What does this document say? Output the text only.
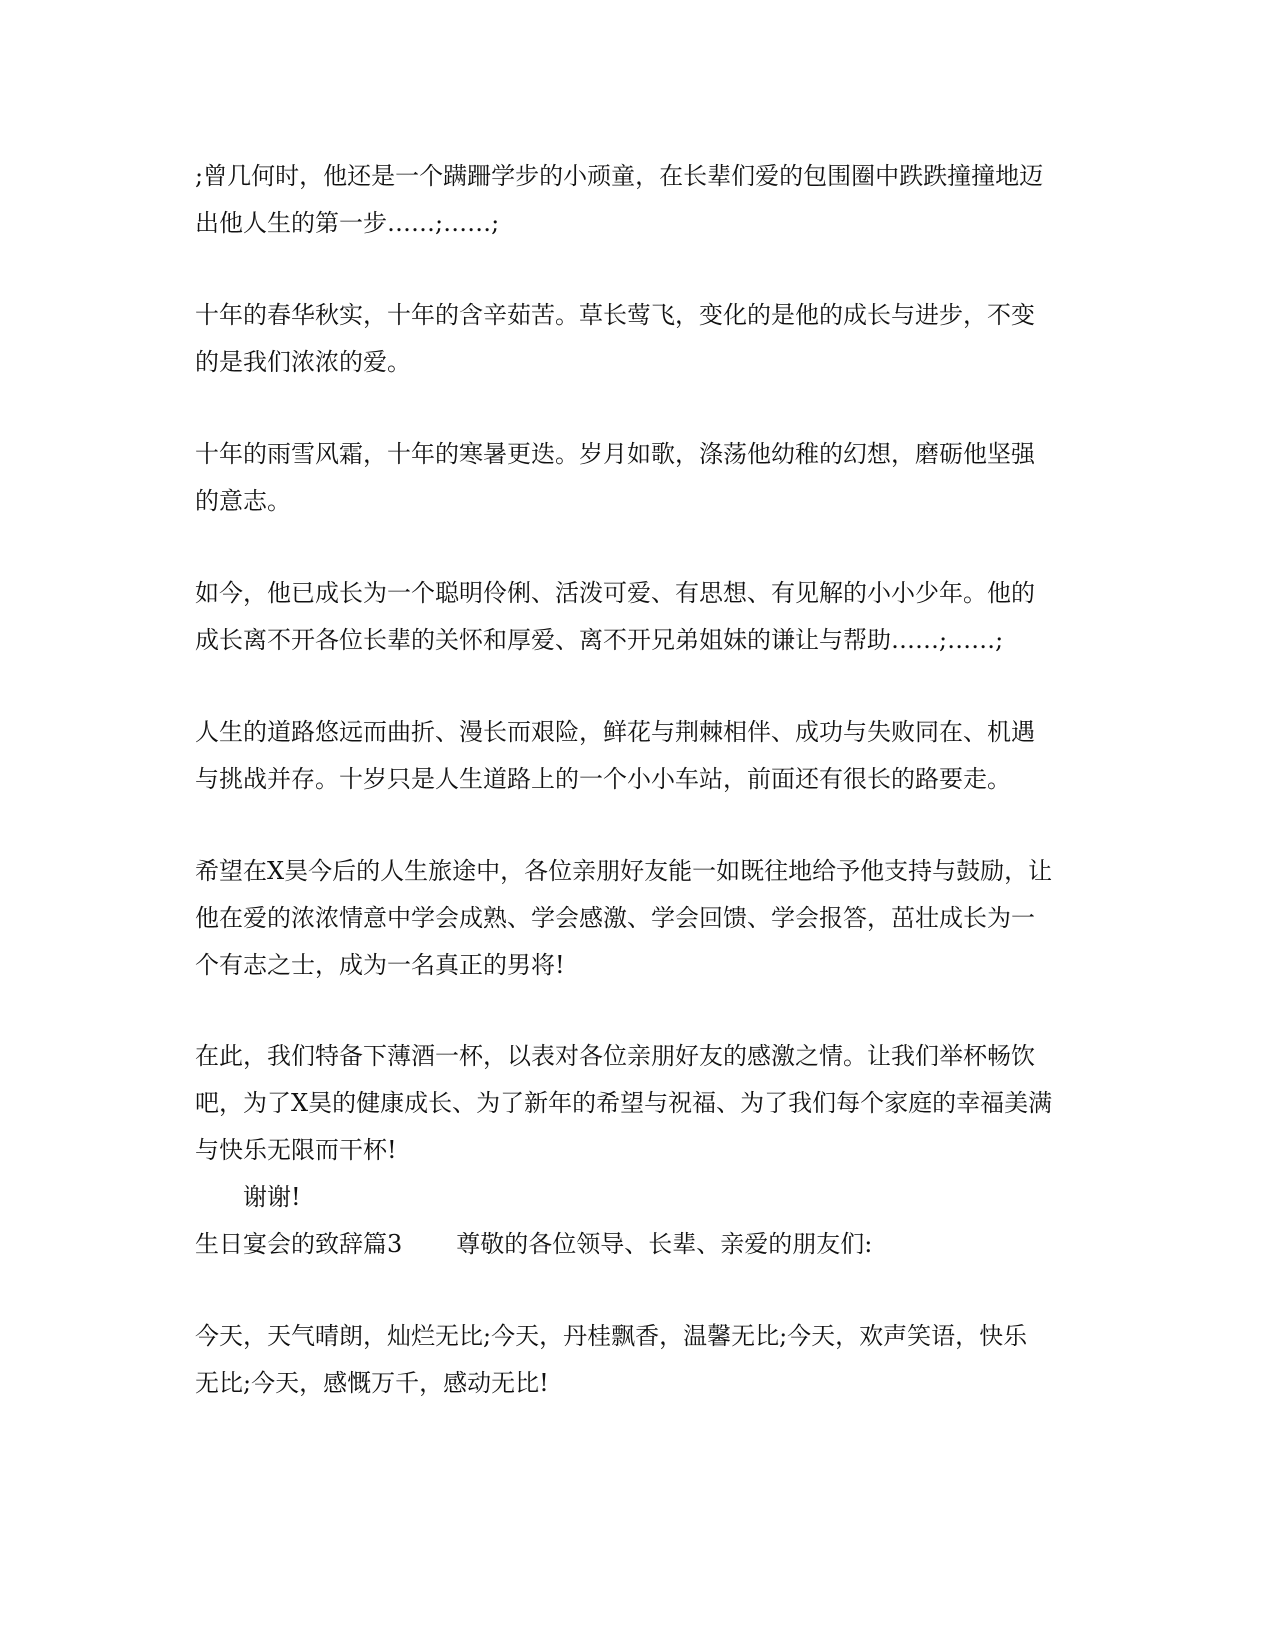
;曾几何时，他还是一个蹒跚学步的小顽童，在长辈们爱的包围圈中跌跌撞撞地迈
出他人生的第一步……;……;
十年的春华秋实，十年的含辛茹苦。草长莺飞，变化的是他的成长与进步，不变
的是我们浓浓的爱。
十年的雨雪风霜，十年的寒暑更迭。岁月如歌，涤荡他幼稚的幻想，磨砺他坚强
的意志。
如今，他已成长为一个聪明伶俐、活泼可爱、有思想、有见解的小小少年。他的
成长离不开各位长辈的关怀和厚爱、离不开兄弟姐妹的谦让与帮助……;……;
人生的道路悠远而曲折、漫长而艰险，鲜花与荆棘相伴、成功与失败同在、机遇
与挑战并存。十岁只是人生道路上的一个小小车站，前面还有很长的路要走。
希望在X昊今后的人生旅途中，各位亲朋好友能一如既往地给予他支持与鼓励，让
他在爱的浓浓情意中学会成熟、学会感激、学会回馈、学会报答，茁壮成长为一
个有志之士，成为一名真正的男将!
在此，我们特备下薄酒一杯，以表对各位亲朋好友的感激之情。让我们举杯畅饮
吧，为了X昊的健康成长、为了新年的希望与祝福、为了我们每个家庭的幸福美满
与快乐无限而干杯!
谢谢!
生日宴会的致辞篇3 尊敬的各位领导、长辈、亲爱的朋友们:
今天，天气晴朗，灿烂无比;今天，丹桂飘香，温馨无比;今天，欢声笑语，快乐
无比;今天，感慨万千，感动无比!
